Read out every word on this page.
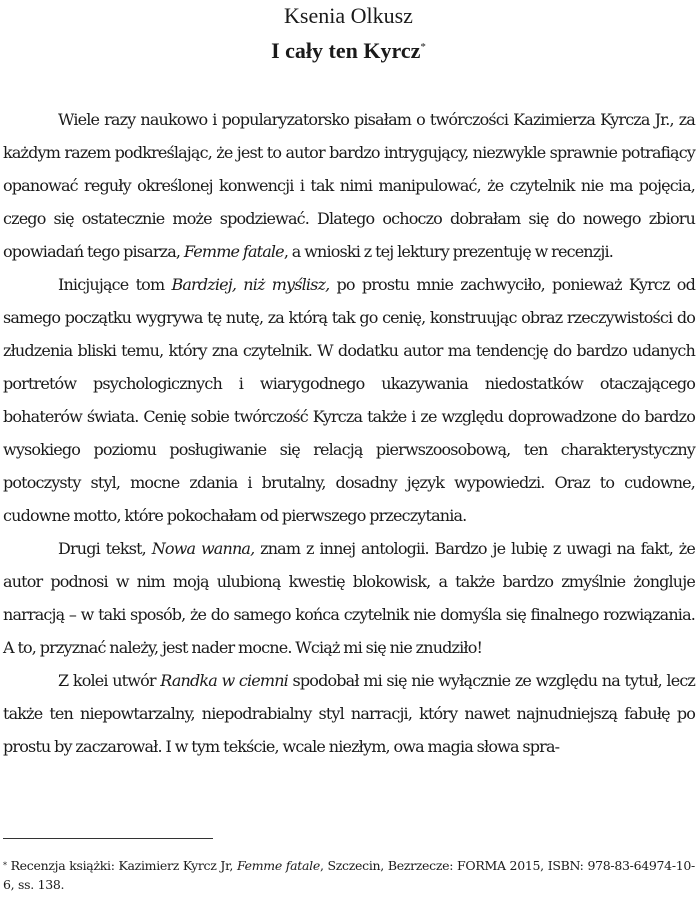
Ksenia Olkusz
I cały ten Kyrcz*

Wiele razy naukowo i popularyzatorsko pisałam o twórczości Kazimierza Kyrcza Jr., za każdym razem podkreślając, że jest to autor bardzo intrygujący, niezwykle sprawnie potrafiący opanować reguły określonej konwencji i tak nimi manipulować, że czytelnik nie ma pojęcia, czego się ostatecznie może spodziewać. Dlatego ochoczo dobrałam się do nowego zbioru opowiadań tego pisarza, Femme fatale, a wnioski z tej lektury prezentuję w recenzji.

Inicjujące tom Bardziej, niż myślisz, po prostu mnie zachwyciło, ponieważ Kyrcz od samego początku wygrywa tę nutę, za którą tak go cenię, konstruując obraz rzeczywistości do złudzenia bliski temu, który zna czytelnik. W dodatku autor ma tendencję do bardzo udanych portretów psychologicznych i wiarygodnego ukazywania niedostatków otaczającego bohaterów świata. Cenię sobie twórczość Kyrcza także i ze względu doprowadzone do bardzo wysokiego poziomu posługiwanie się relacją pierwszoosobową, ten charakterystyczny potoczysty styl, mocne zdania i brutalny, dosadny język wypowiedzi. Oraz to cudowne, cudowne motto, które pokochałam od pierwszego przeczytania.

Drugi tekst, Nowa wanna, znam z innej antologii. Bardzo je lubię z uwagi na fakt, że autor podnosi w nim moją ulubioną kwestię blokowisk, a także bardzo zmyślnie żongluje narracją – w taki sposób, że do samego końca czytelnik nie domyśla się finalnego rozwiązania. A to, przyznać należy, jest nader mocne. Wciąż mi się nie znudziło!

Z kolei utwór Randka w ciemni spodobał mi się nie wyłącznie ze względu na tytuł, lecz także ten niepowtarzalny, niepodrabialny styl narracji, który nawet najnudniejszą fabułę po prostu by zaczarował. I w tym tekście, wcale niezłym, owa magia słowa spra-

* Recenzja książki: Kazimierz Kyrcz Jr, Femme fatale, Szczecin, Bezrzecze: FORMA 2015, ISBN: 978-83-64974-10-6, ss. 138.
